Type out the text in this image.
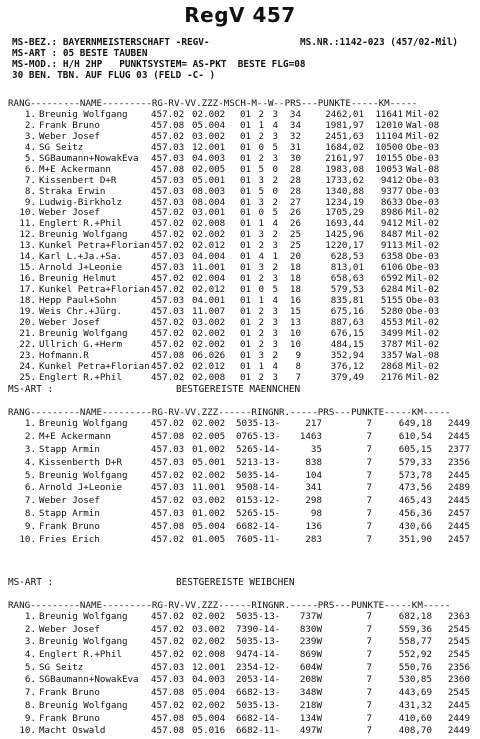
RegV 457
MS-BEZ.: BAYERNMEISTERSCHAFT -REGV-	MS.NR.:1142-023 (457/02-Mil)
MS-ART : 05 BESTE TAUBEN
MS-MOD.: H/H 2HP   PUNKTSYSTEM= AS-PKT  BESTE FLG=08
30 BEN. TBN. AUF FLUG 03 (FELD -C- )
RANG---------NAME---------RG-RV-VV.ZZZ-MSCH-M--W--PRS---PUNKTE-----KM-----
1. Breunig Wolfgang	457.02 02.002 01 2 3 34	2462,01 11641 Mil-02
2. Frank Bruno	457.08 05.004 01 1 4 34	1981,97 12010 Wal-08
3. Weber Josef	457.02 03.002 01 2 3 32	2451,63 11104 Mil-02
4. SG Seitz	457.03 12.001 01 0 5 31	1684,02 10500 Obe-03
5. SGBaumann+NowakEva 457.03 04.003 01 2 3 30	2161,97 10155 Obe-03
6. M+E Ackermann	457.08 02.005 01 5 0 28	1983,08 10053 Wal-08
7. Kissenbert D+R	457.03 05.001 01 3 2 28	1733,62 9412 Obe-03
8. Straka Erwin	457.03 08.003 01 5 0 28	1340,88 9377 Obe-03
9. Ludwig-Birkholz	457.03 08.004 01 3 2 27	1234,19 8633 Obe-03
10. Weber Josef	457.02 03.001 01 0 5 26	1705,29 8986 Mil-02
11. Englert R.+Phil	457.02 02.008 01 1 4 26	1693,44 9412 Mil-02
12. Breunig Wolfgang	457.02 02.002 01 3 2 25	1425,96 8487 Mil-02
13. Kunkel Petra+Florian 457.02 02.012 01 2 3 25	1220,17 9113 Mil-02
14. Karl L.+Ja.+Sa.	457.03 04.004 01 4 1 20	628,53 6358 Obe-03
15. Arnold J+Leonie	457.03 11.001 01 3 2 18	813,01 6106 Obe-03
16. Breunig Helmut	457.02 02.004 01 2 3 18	658,63 6592 Mil-02
17. Kunkel Petra+Florian 457.02 02.012 01 0 5 18	579,53 6284 Mil-02
18. Hepp Paul+Sohn	457.03 04.001 01 1 4 16	835,81 5155 Obe-03
19. Weis Chr.+Jürg.	457.03 11.007 01 2 3 15	675,16 5280 Obe-03
20. Weber Josef	457.02 03.002 01 2 3 13	887,63 4553 Mil-02
21. Breunig Wolfgang	457.02 02.002 01 2 3 10	676,15 3499 Mil-02
22. Ullrich G.+Herm	457.02 02.002 01 2 3 10	484,15 3787 Mil-02
23. Hofmann.R	457.08 06.026 01 3 2 9	352,94 3357 Wal-08
24. Kunkel Petra+Florian 457.02 02.012 01 1 4 8	376,12 2868 Mil-02
25. Englert R.+Phil	457.02 02.008 01 2 3 7	379,49 2176 Mil-02
MS-ART :	BESTGEREISTE MAENNCHEN
RANG---------NAME---------RG-RV-VV.ZZZ------RINGNR.-----PRS---PUNKTE-----KM-----
1. Breunig Wolfgang	457.02 02.002 5035-13-	217	7	649,18 2449
2. M+E Ackermann	457.08 02.005 0765-13- 1463	7	610,54 2445
3. Stapp Armin	457.03 01.002 5265-14-	35	7	605,15 2377
4. Kissenberth D+R	457.03 05.001 5213-13-	838	7	579,33 2356
5. Breunig Wolfgang	457.02 02.002 5035-14-	104	7	573,78 2445
6. Arnold J+Leonie	457.03 11.001 9508-14-	341	7	473,56 2489
7. Weber Josef	457.02 03.002 0153-12-	298	7	465,43 2445
8. Stapp Armin	457.03 01.002 5265-15-	98	7	456,36 2457
9. Frank Bruno	457.08 05.004 6682-14-	136	7	430,66 2445
10. Fries Erich	457.02 01.005 7605-11-	283	7	351,90 2457
MS-ART :	BESTGEREISTE WEIBCHEN
RANG---------NAME---------RG-RV-VV.ZZZ------RINGNR.-----PRS---PUNKTE-----KM-----
1. Breunig Wolfgang	457.02 02.002 5035-13- 737W	7	682,18 2363
2. Weber Josef	457.02 03.002 7390-14- 830W	7	559,36 2545
3. Breunig Wolfgang	457.02 02.002 5035-13- 239W	7	558,77 2545
4. Englert R.+Phil	457.02 02.008 9474-14- 869W	7	552,92 2545
5. SG Seitz	457.03 12.001 2354-12- 604W	7	550,76 2356
6. SGBaumann+NowakEva 457.03 04.003 2053-14- 208W	7	530,85 2360
7. Frank Bruno	457.08 05.004 6682-13- 348W	7	443,69 2545
8. Breunig Wolfgang	457.02 02.002 5035-13- 218W	7	431,32 2445
9. Frank Bruno	457.08 05.004 6682-14- 134W	7	410,60 2449
10. Macht Oswald	457.08 05.016 6682-11- 497W	7	408,70 2449
